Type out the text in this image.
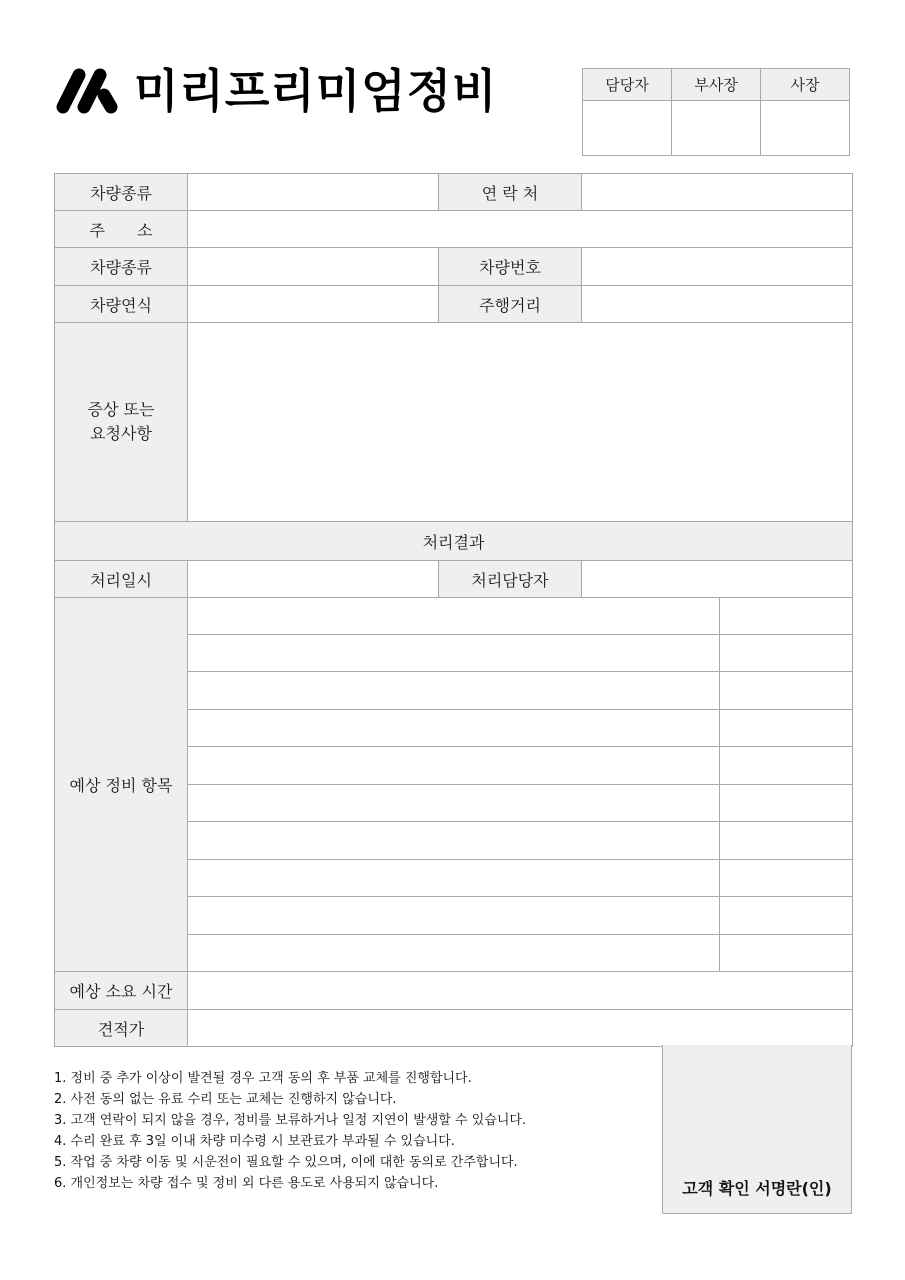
미리프리미엄정비	담당자	부사장	사장

차량종류		연 락 처		
주　　소				
차량종류		차량번호		
차량연식		주행거리		

증상 또는
요청사항				

처리결과				
처리일시		처리담당자		
예상 정비 항목				

예상 소요 시간				
견적가				
1. 정비 중 추가 이상이 발견될 경우 고객 동의 후 부품 교체를 진행합니다.
2. 사전 동의 없는 유료 수리 또는 교체는 진행하지 않습니다.
3. 고객 연락이 되지 않을 경우, 정비를 보류하거나 일정 지연이 발생할 수 있습니다.
4. 수리 완료 후 3일 이내 차량 미수령 시 보관료가 부과될 수 있습니다.
5. 작업 중 차량 이동 및 시운전이 필요할 수 있으며, 이에 대한 동의로 간주합니다.
6. 개인정보는 차량 접수 및 정비 외 다른 용도로 사용되지 않습니다.	고객 확인 서명란(인)
